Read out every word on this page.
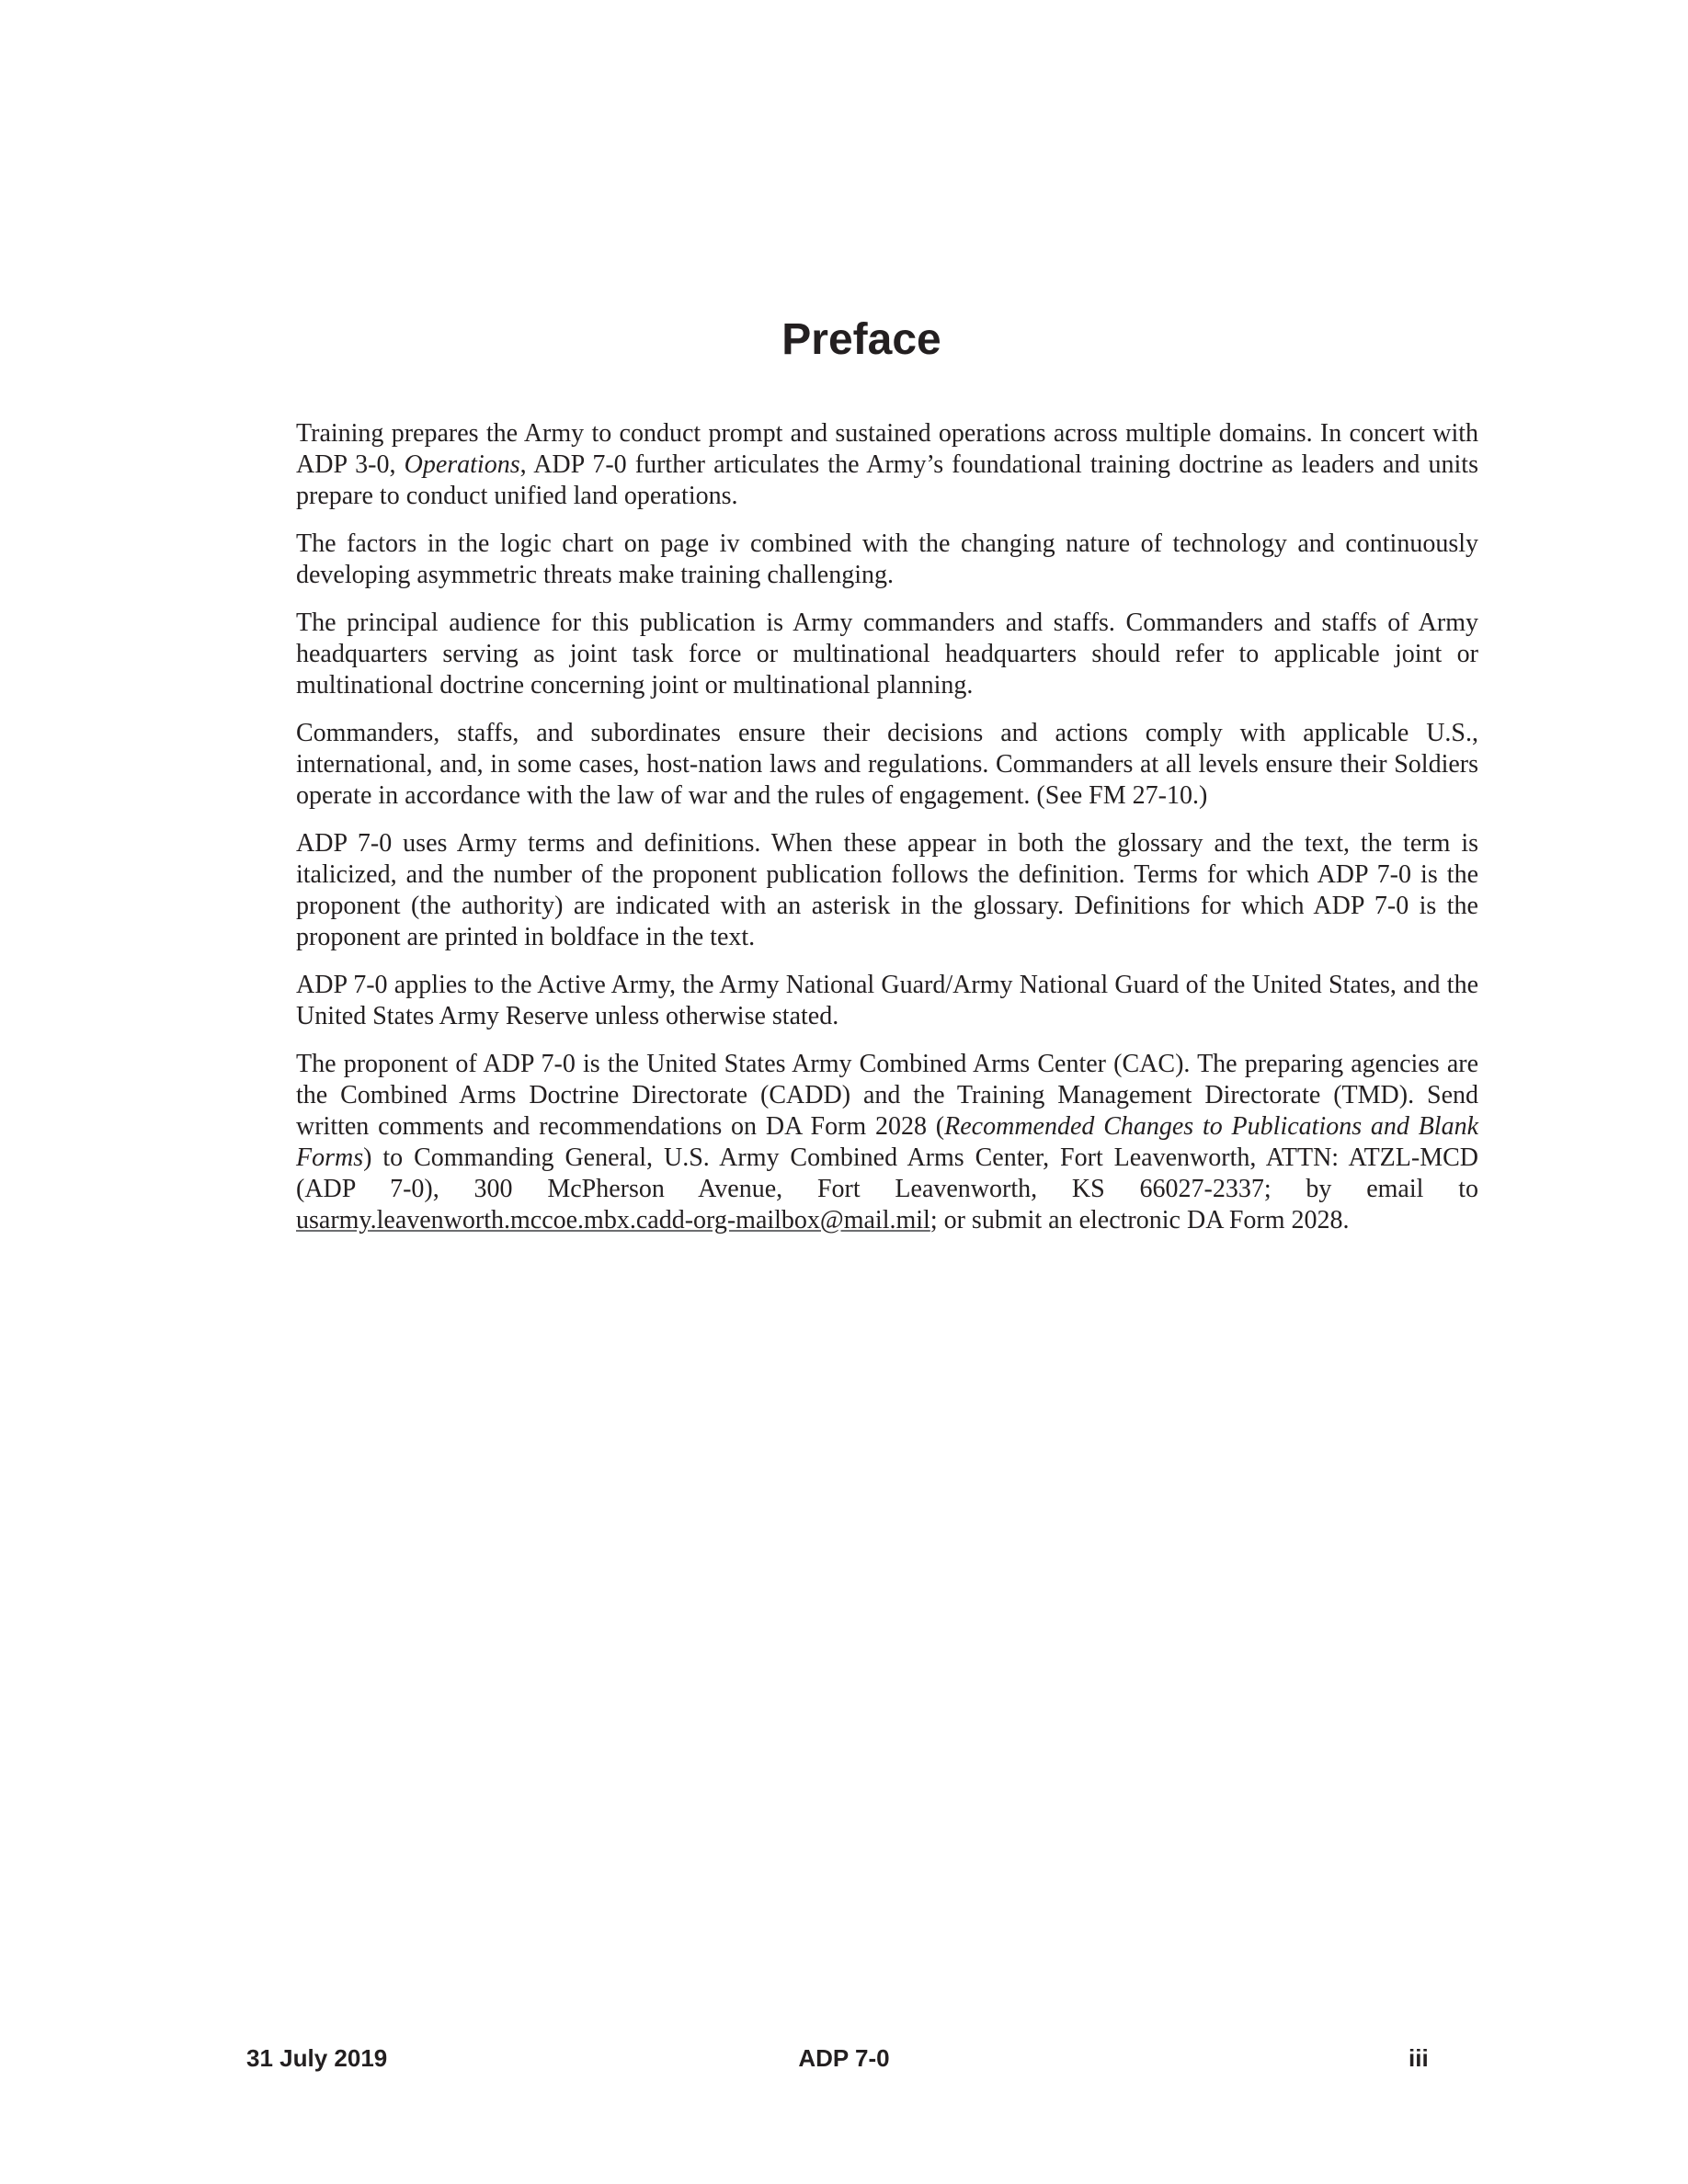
Preface

Training prepares the Army to conduct prompt and sustained operations across multiple domains. In concert with ADP 3-0, Operations, ADP 7-0 further articulates the Army’s foundational training doctrine as leaders and units prepare to conduct unified land operations.

The factors in the logic chart on page iv combined with the changing nature of technology and continuously developing asymmetric threats make training challenging.

The principal audience for this publication is Army commanders and staffs. Commanders and staffs of Army headquarters serving as joint task force or multinational headquarters should refer to applicable joint or multinational doctrine concerning joint or multinational planning.

Commanders, staffs, and subordinates ensure their decisions and actions comply with applicable U.S., international, and, in some cases, host-nation laws and regulations. Commanders at all levels ensure their Soldiers operate in accordance with the law of war and the rules of engagement. (See FM 27-10.)

ADP 7-0 uses Army terms and definitions. When these appear in both the glossary and the text, the term is italicized, and the number of the proponent publication follows the definition. Terms for which ADP 7-0 is the proponent (the authority) are indicated with an asterisk in the glossary. Definitions for which ADP 7-0 is the proponent are printed in boldface in the text.

ADP 7-0 applies to the Active Army, the Army National Guard/Army National Guard of the United States, and the United States Army Reserve unless otherwise stated.

The proponent of ADP 7-0 is the United States Army Combined Arms Center (CAC). The preparing agencies are the Combined Arms Doctrine Directorate (CADD) and the Training Management Directorate (TMD). Send written comments and recommendations on DA Form 2028 (Recommended Changes to Publications and Blank Forms) to Commanding General, U.S. Army Combined Arms Center, Fort Leavenworth, ATTN: ATZL-MCD (ADP 7-0), 300 McPherson Avenue, Fort Leavenworth, KS 66027-2337; by email to usarmy.leavenworth.mccoe.mbx.cadd-org-mailbox@mail.mil; or submit an electronic DA Form 2028.

31 July 2019	ADP 7-0	iii
